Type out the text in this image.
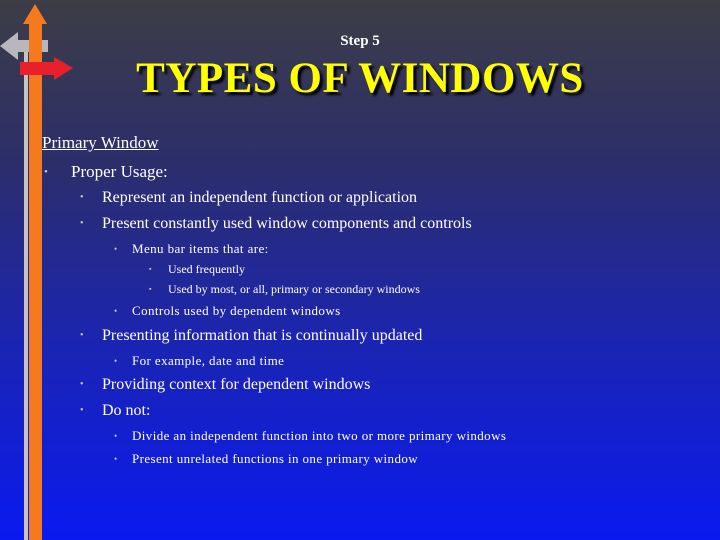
Step 5
TYPES OF WINDOWS
Primary Window
• Proper Usage:
• Represent an independent function or application
• Present constantly used window components and controls
• Menu bar items that are:
▪ Used frequently
▪ Used by most, or all, primary or secondary windows
• Controls used by dependent windows
• Presenting information that is continually updated
• For example, date and time
• Providing context for dependent windows
• Do not:
• Divide an independent function into two or more primary windows
• Present unrelated functions in one primary window
